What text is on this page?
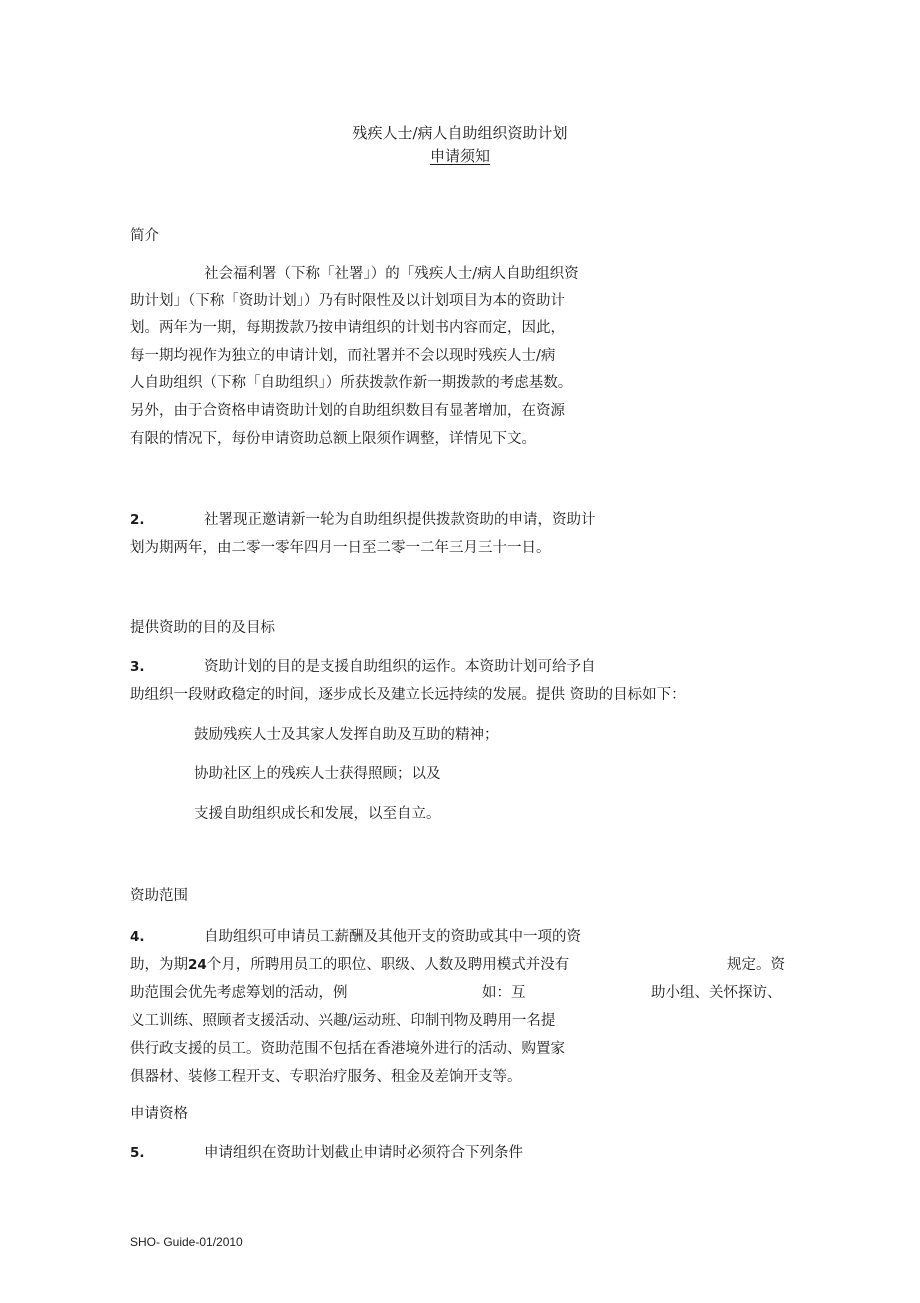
残疾人士/病人自助组织资助计划
申请须知
简介
社会福利署（下称「社署」）的「残疾人士/病人自助组织资
助计划」（下称「资助计划」）乃有时限性及以计划项目为本的资助计
划。两年为一期，每期拨款乃按申请组织的计划书内容而定，因此，
每一期均视作为独立的申请计划，而社署并不会以现时残疾人士/病
人自助组织（下称「自助组织」）所获拨款作新一期拨款的考虑基数。
另外，由于合资格申请资助计划的自助组织数目有显著增加，在资源
有限的情况下，每份申请资助总额上限须作调整，详情见下文。
2.	社署现正邀请新一轮为自助组织提供拨款资助的申请，资助计
划为期两年，由二零一零年四月一日至二零一二年三月三十一日。
提供资助的目的及目标
3.	资助计划的目的是支援自助组织的运作。本资助计划可给予自
助组织一段财政稳定的时间，逐步成长及建立长远持续的发展。提供 资助的目标如下：
鼓励残疾人士及其家人发挥自助及互助的精神；
协助社区上的残疾人士获得照顾；以及
支援自助组织成长和发展，以至自立。
资助范围
4.	自助组织可申请员工薪酬及其他开支的资助或其中一项的资
助，为期24个月，所聘用员工的职位、职级、人数及聘用模式并没有	规定。资
助范围会优先考虑筹划的活动，例	如：互	助小组、关怀探访、
义工训练、照顾者支援活动、兴趣/运动班、印制刊物及聘用一名提
供行政支援的员工。资助范围不包括在香港境外进行的活动、购置家
俱器材、装修工程开支、专职治疗服务、租金及差饷开支等。
申请资格
5.	申请组织在资助计划截止申请时必须符合下列条件
SHO- Guide-01/2010
